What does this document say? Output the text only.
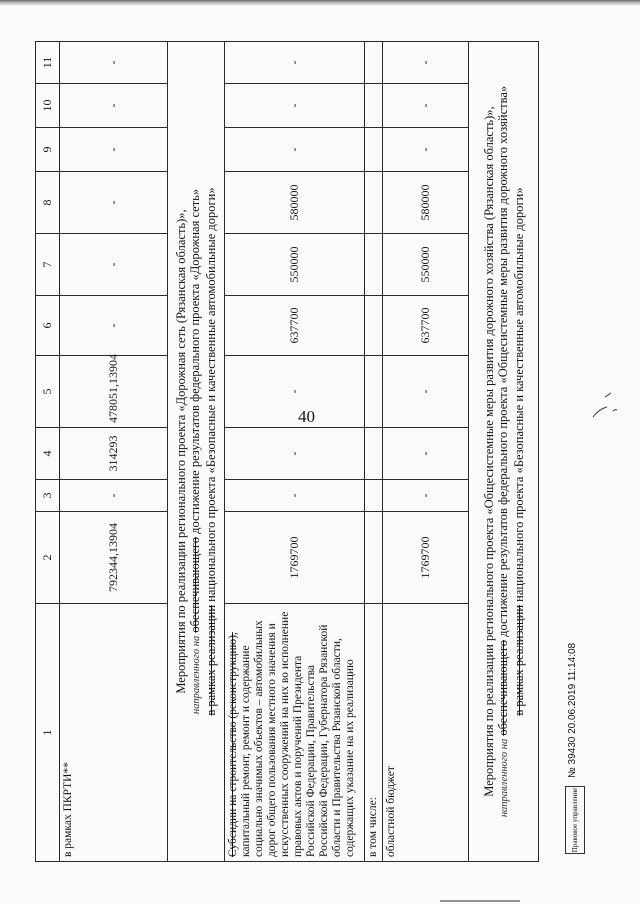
40
1	2	3	4	5	6	7	8	9	10	11
в рамках ПКРТИ**	792344,13904	-	314293	478051,13904	-	-	-	-	-	-

Мероприятия по реализации регионального проекта «Дорожная сеть (Рязанская область)», направленного на обеспечивающего достижение результатов федерального проекта «Дорожная сеть»
в рамках реализации национального проекта «Безопасные и качественные автомобильные дороги»										

Субсидии на строительство (реконструкцию), капитальный ремонт, ремонт и содержание социально значимых объектов – автомобильных дорог общего пользования местного значения и искусственных сооружений на них во исполнение правовых актов и поручений Президента Российской Федерации, Правительства Российской Федерации, Губернатора Рязанской области и Правительства Рязанской области, содержащих указание на их реализацию	1769700	-	-	-	637700	550000	580000	-	-	-
в том числе:										
областной бюджет	1769700	-	-	-	637700	550000	580000	-	-	-

Мероприятия по реализации регионального проекта «Общесистемные меры развития дорожного хозяйства (Рязанская область)», направленного на обеспечивающего достижение результатов федерального проекта «Общесистемные меры развития дорожного хозяйства»
в рамках реализации национального проекта «Безопасные и качественные автомобильные дороги»										
Правовое управление
№ 39430 20.06.2019 11:14:08
